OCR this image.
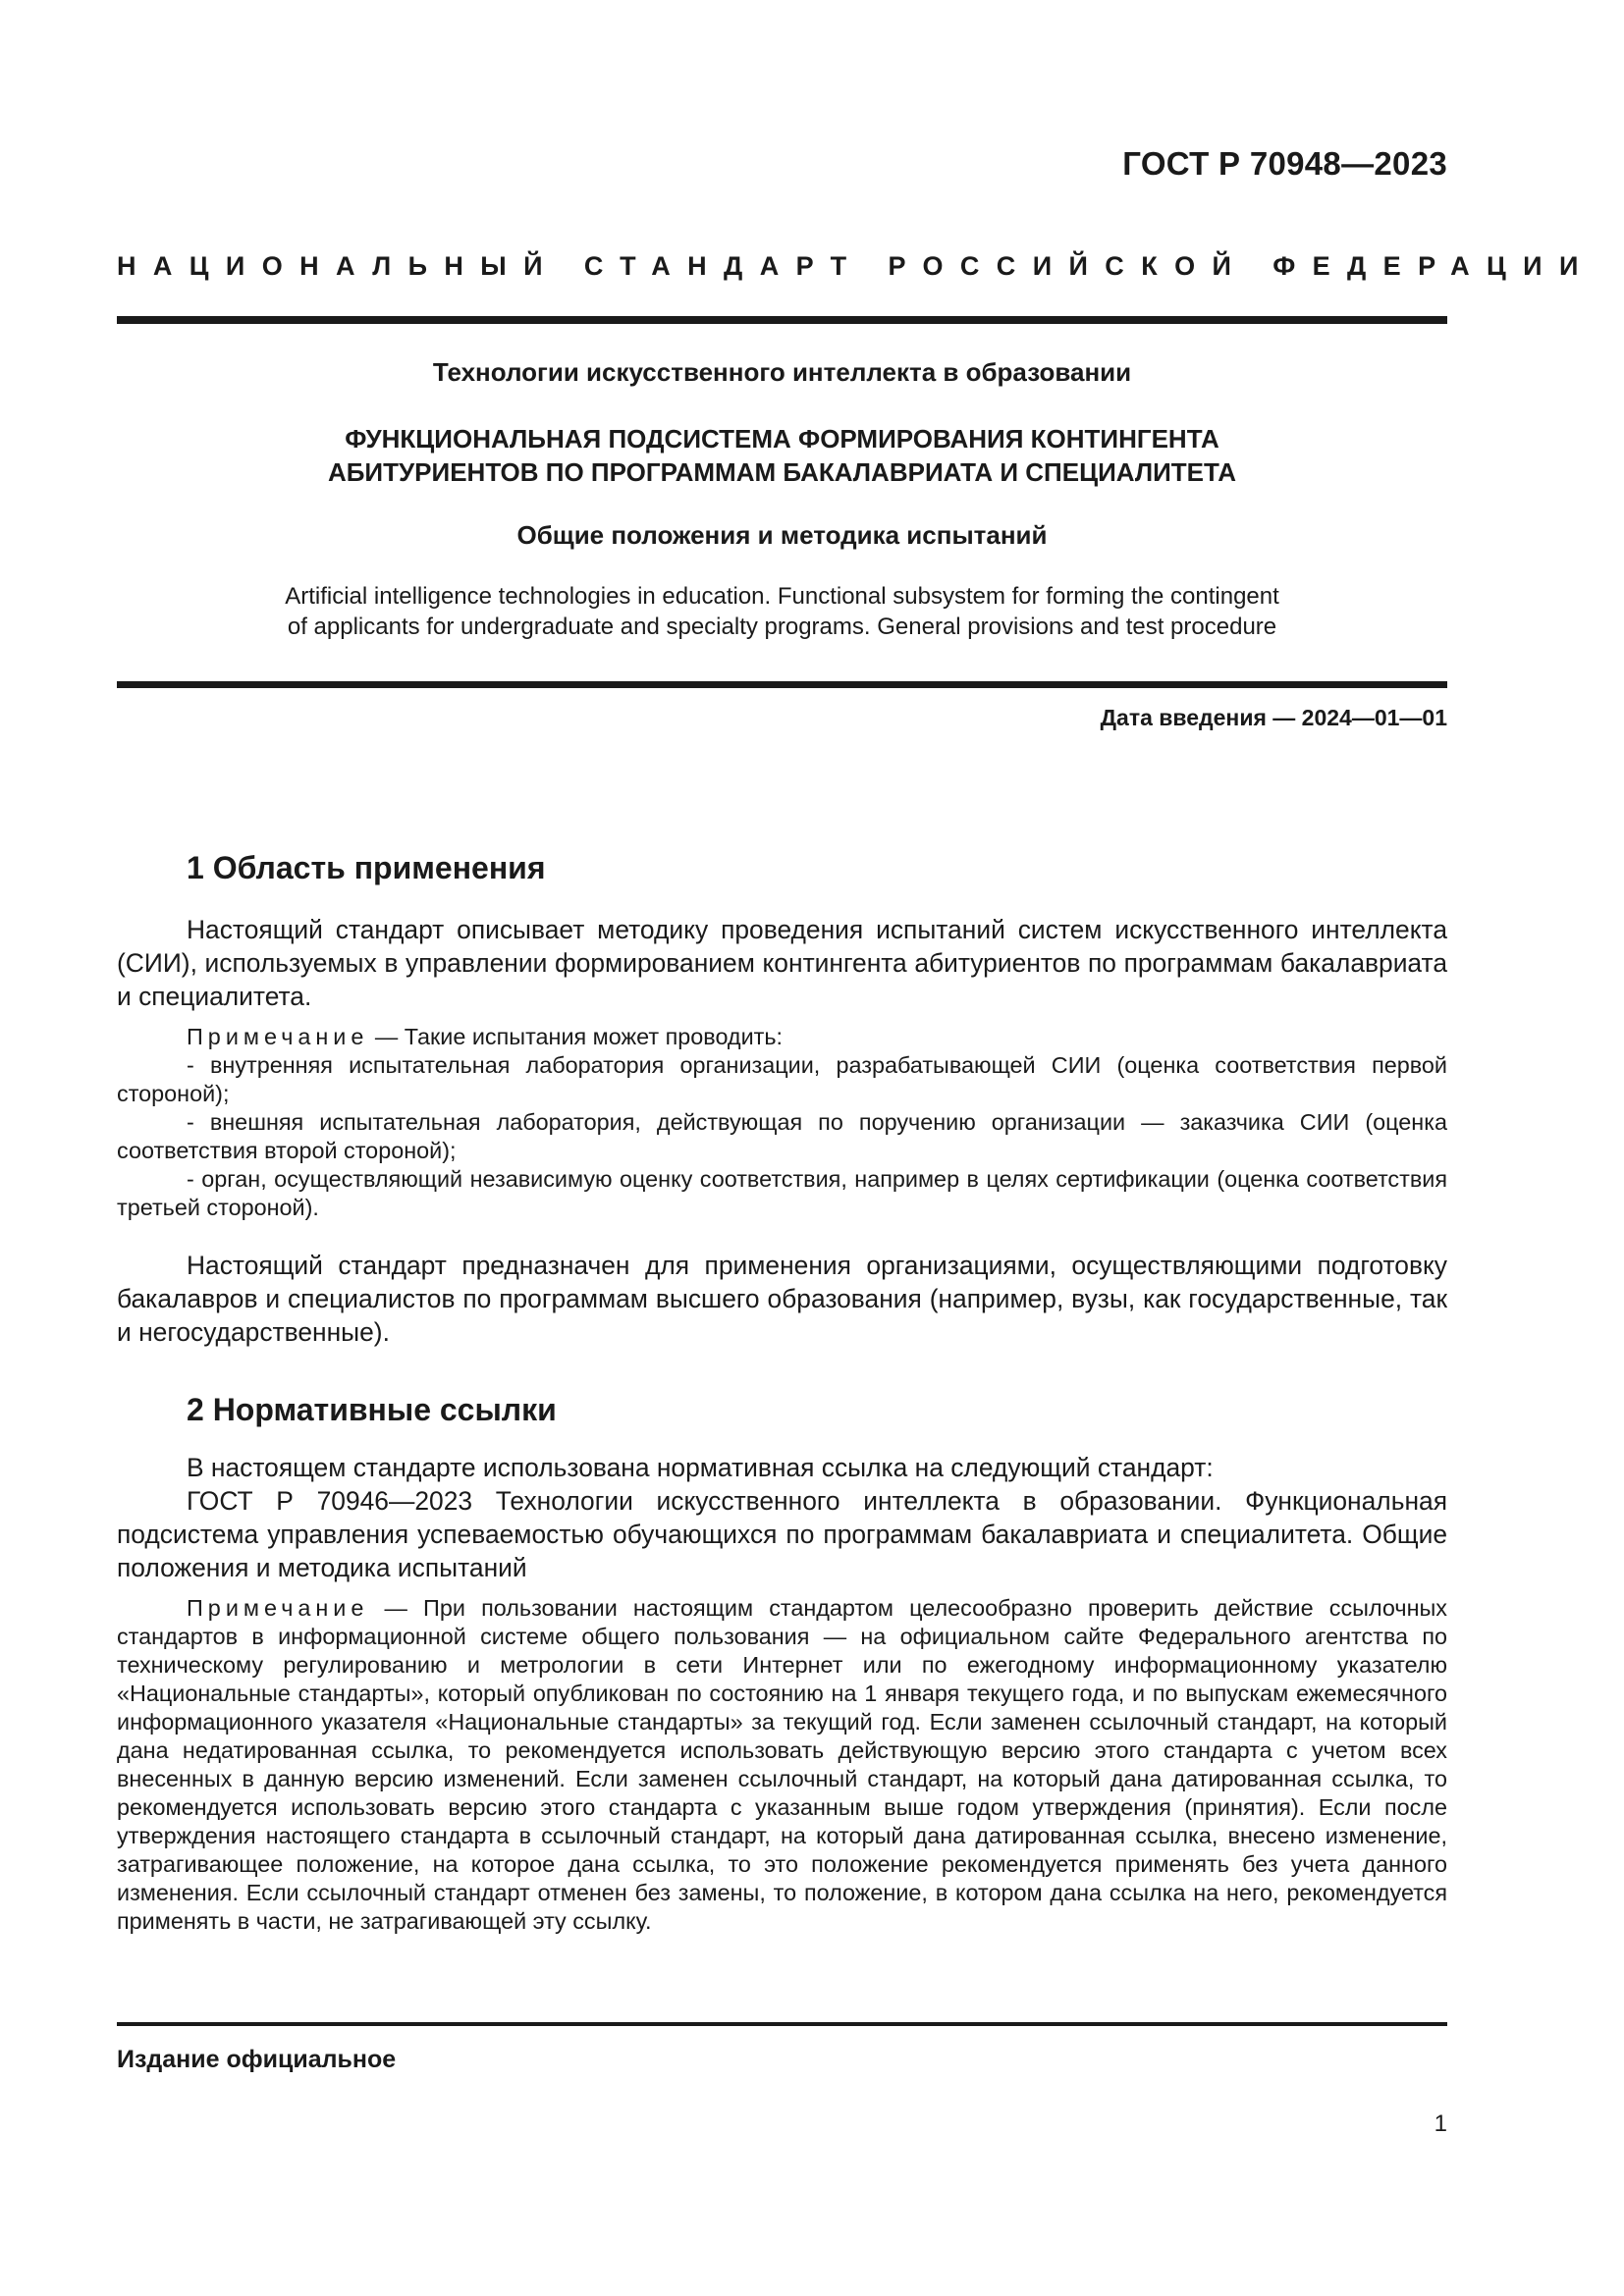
ГОСТ Р 70948—2023
НАЦИОНАЛЬНЫЙ СТАНДАРТ РОССИЙСКОЙ ФЕДЕРАЦИИ
Технологии искусственного интеллекта в образовании
ФУНКЦИОНАЛЬНАЯ ПОДСИСТЕМА ФОРМИРОВАНИЯ КОНТИНГЕНТА
АБИТУРИЕНТОВ ПО ПРОГРАММАМ БАКАЛАВРИАТА И СПЕЦИАЛИТЕТА
Общие положения и методика испытаний
Artificial intelligence technologies in education. Functional subsystem for forming the contingent
of applicants for undergraduate and specialty programs. General provisions and test procedure
Дата введения — 2024—01—01
1 Область применения
Настоящий стандарт описывает методику проведения испытаний систем искусственного интеллекта (СИИ), используемых в управлении формированием контингента абитуриентов по программам бакалавриата и специалитета.
Примечание — Такие испытания может проводить:
- внутренняя испытательная лаборатория организации, разрабатывающей СИИ (оценка соответствия первой стороной);
- внешняя испытательная лаборатория, действующая по поручению организации — заказчика СИИ (оценка соответствия второй стороной);
- орган, осуществляющий независимую оценку соответствия, например в целях сертификации (оценка соответствия третьей стороной).
Настоящий стандарт предназначен для применения организациями, осуществляющими подготовку бакалавров и специалистов по программам высшего образования (например, вузы, как государственные, так и негосударственные).
2 Нормативные ссылки
В настоящем стандарте использована нормативная ссылка на следующий стандарт:
ГОСТ Р 70946—2023 Технологии искусственного интеллекта в образовании. Функциональная подсистема управления успеваемостью обучающихся по программам бакалавриата и специалитета. Общие положения и методика испытаний
Примечание — При пользовании настоящим стандартом целесообразно проверить действие ссылочных стандартов в информационной системе общего пользования — на официальном сайте Федерального агентства по техническому регулированию и метрологии в сети Интернет или по ежегодному информационному указателю «Национальные стандарты», который опубликован по состоянию на 1 января текущего года, и по выпускам ежемесячного информационного указателя «Национальные стандарты» за текущий год. Если заменен ссылочный стандарт, на который дана недатированная ссылка, то рекомендуется использовать действующую версию этого стандарта с учетом всех внесенных в данную версию изменений. Если заменен ссылочный стандарт, на который дана датированная ссылка, то рекомендуется использовать версию этого стандарта с указанным выше годом утверждения (принятия). Если после утверждения настоящего стандарта в ссылочный стандарт, на который дана датированная ссылка, внесено изменение, затрагивающее положение, на которое дана ссылка, то это положение рекомендуется применять без учета данного изменения. Если ссылочный стандарт отменен без замены, то положение, в котором дана ссылка на него, рекомендуется применять в части, не затрагивающей эту ссылку.
Издание официальное
1
